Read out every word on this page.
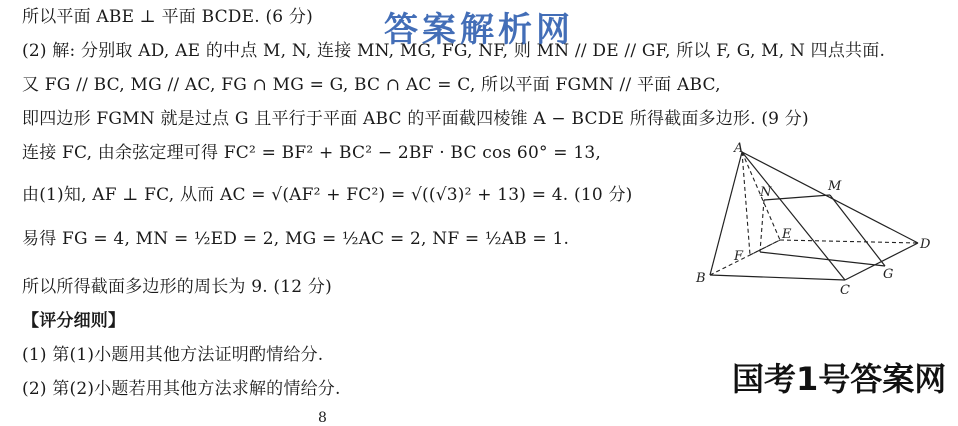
所以平面 ABE ⊥ 平面 BCDE. (6 分)
(2) 解: 分别取 AD, AE 的中点 M, N, 连接 MN, MG, FG, NF, 则 MN // DE // GF, 所以 F, G, M, N 四点共面.
又 FG // BC, MG // AC, FG ∩ MG = G, BC ∩ AC = C, 所以平面 FGMN // 平面 ABC,
即四边形 FGMN 就是过点 G 且平行于平面 ABC 的平面截四棱锥 A − BCDE 所得截面多边形. (9 分)
连接 FC, 由余弦定理可得 FC² = BF² + BC² − 2BF · BC cos 60° = 13,
由(1)知, AF ⊥ FC, 从而 AC = √(AF² + FC²) = √((√3)² + 13) = 4. (10 分)
易得 FG = 4, MN = ½ED = 2, MG = ½AC = 2, NF = ½AB = 1.
所以所得截面多边形的周长为 9. (12 分)
【评分细则】
(1) 第(1)小题用其他方法证明酌情给分.
(2) 第(2)小题若用其他方法求解的情给分.
答案解析网
国考1号答案网
8
A
N	M
E
F
D
B
C
G
